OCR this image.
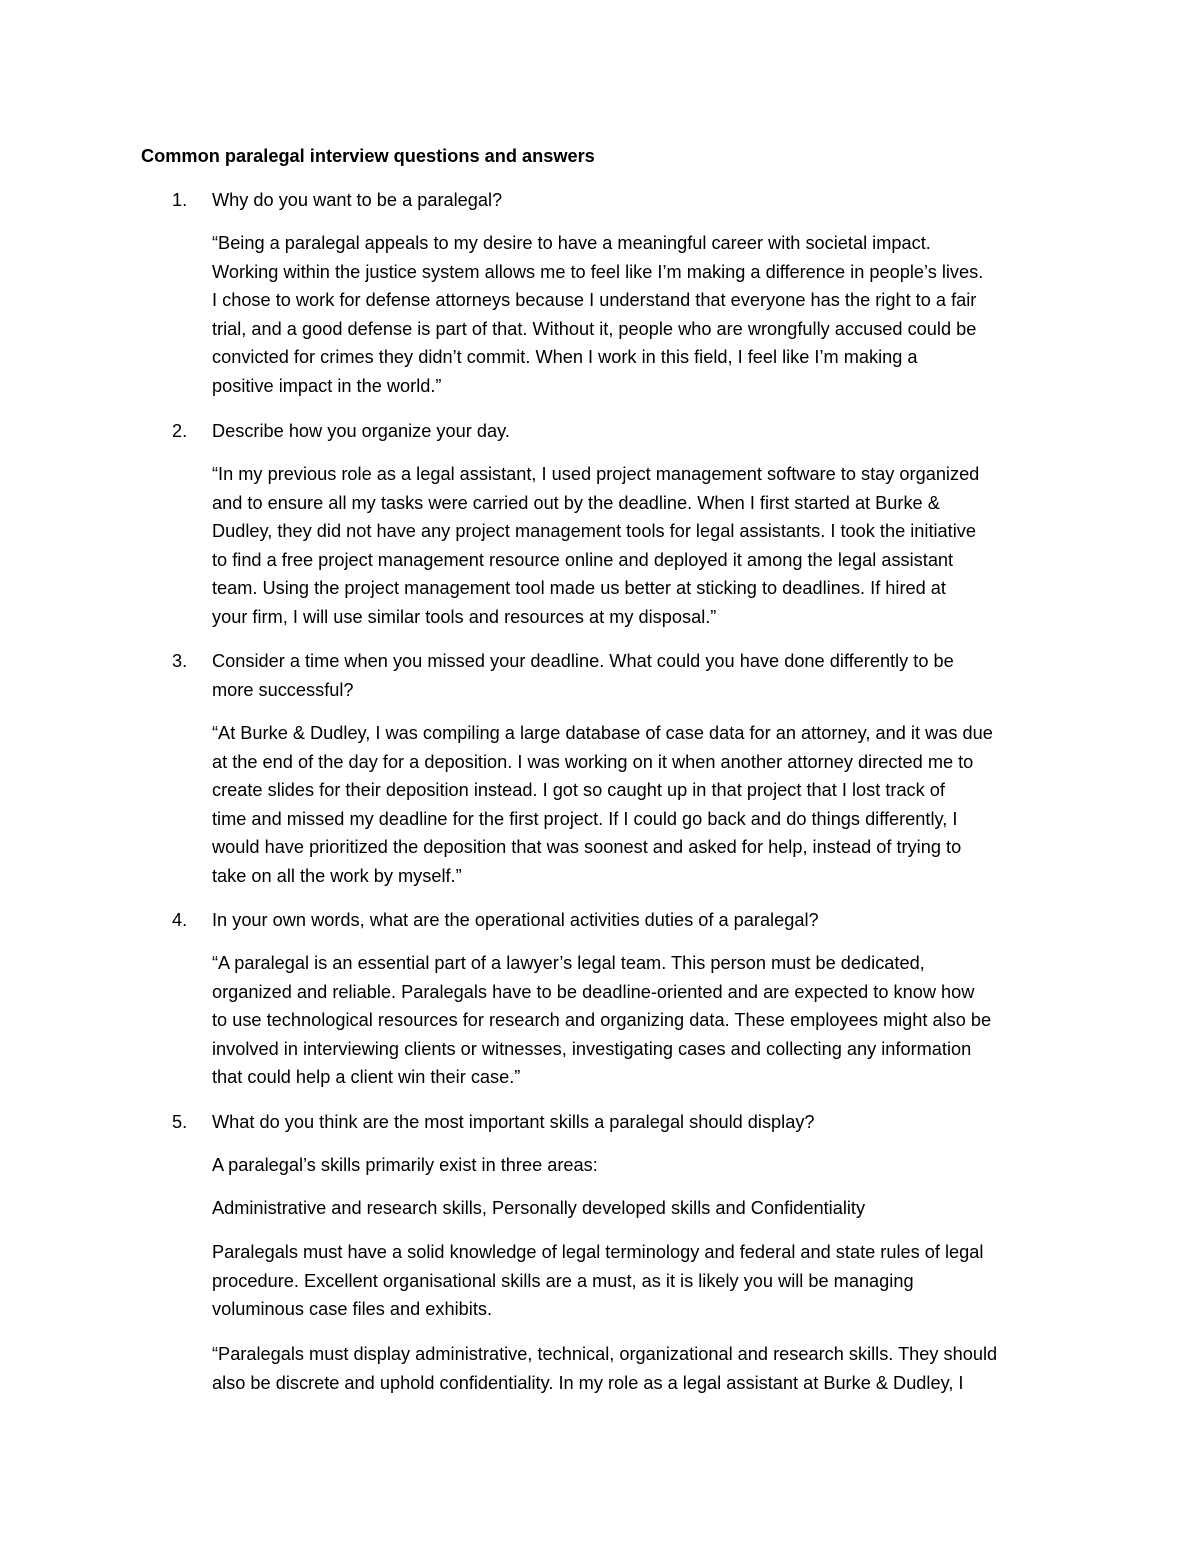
Common paralegal interview questions and answers

1. Why do you want to be a paralegal?

“Being a paralegal appeals to my desire to have a meaningful career with societal impact.
Working within the justice system allows me to feel like I’m making a difference in people’s lives.
I chose to work for defense attorneys because I understand that everyone has the right to a fair
trial, and a good defense is part of that. Without it, people who are wrongfully accused could be
convicted for crimes they didn’t commit. When I work in this field, I feel like I’m making a
positive impact in the world.”

2. Describe how you organize your day.

“In my previous role as a legal assistant, I used project management software to stay organized
and to ensure all my tasks were carried out by the deadline. When I first started at Burke &
Dudley, they did not have any project management tools for legal assistants. I took the initiative
to find a free project management resource online and deployed it among the legal assistant
team. Using the project management tool made us better at sticking to deadlines. If hired at
your firm, I will use similar tools and resources at my disposal.”

3. Consider a time when you missed your deadline. What could you have done differently to be
more successful?

“At Burke & Dudley, I was compiling a large database of case data for an attorney, and it was due
at the end of the day for a deposition. I was working on it when another attorney directed me to
create slides for their deposition instead. I got so caught up in that project that I lost track of
time and missed my deadline for the first project. If I could go back and do things differently, I
would have prioritized the deposition that was soonest and asked for help, instead of trying to
take on all the work by myself.”

4. In your own words, what are the operational activities duties of a paralegal?

“A paralegal is an essential part of a lawyer’s legal team. This person must be dedicated,
organized and reliable. Paralegals have to be deadline-oriented and are expected to know how
to use technological resources for research and organizing data. These employees might also be
involved in interviewing clients or witnesses, investigating cases and collecting any information
that could help a client win their case.”

5. What do you think are the most important skills a paralegal should display?

A paralegal’s skills primarily exist in three areas:

Administrative and research skills, Personally developed skills and Confidentiality

Paralegals must have a solid knowledge of legal terminology and federal and state rules of legal
procedure. Excellent organisational skills are a must, as it is likely you will be managing
voluminous case files and exhibits.

“Paralegals must display administrative, technical, organizational and research skills. They should
also be discrete and uphold confidentiality. In my role as a legal assistant at Burke & Dudley, I
